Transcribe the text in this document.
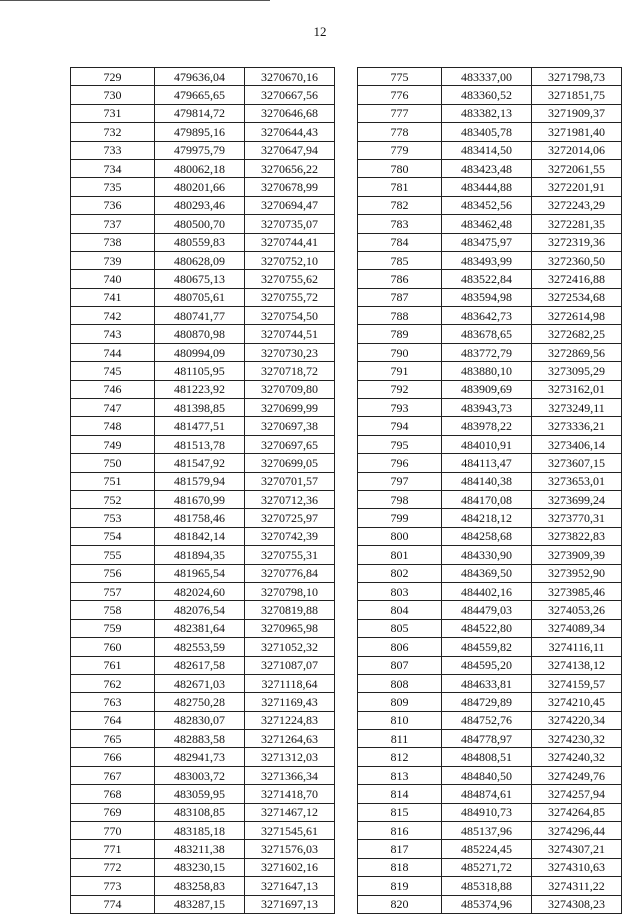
12
729	479636,04	3270670,16
730	479665,65	3270667,56
731	479814,72	3270646,68
732	479895,16	3270644,43
733	479975,79	3270647,94
734	480062,18	3270656,22
735	480201,66	3270678,99
736	480293,46	3270694,47
737	480500,70	3270735,07
738	480559,83	3270744,41
739	480628,09	3270752,10
740	480675,13	3270755,62
741	480705,61	3270755,72
742	480741,77	3270754,50
743	480870,98	3270744,51
744	480994,09	3270730,23
745	481105,95	3270718,72
746	481223,92	3270709,80
747	481398,85	3270699,99
748	481477,51	3270697,38
749	481513,78	3270697,65
750	481547,92	3270699,05
751	481579,94	3270701,57
752	481670,99	3270712,36
753	481758,46	3270725,97
754	481842,14	3270742,39
755	481894,35	3270755,31
756	481965,54	3270776,84
757	482024,60	3270798,10
758	482076,54	3270819,88
759	482381,64	3270965,98
760	482553,59	3271052,32
761	482617,58	3271087,07
762	482671,03	3271118,64
763	482750,28	3271169,43
764	482830,07	3271224,83
765	482883,58	3271264,63
766	482941,73	3271312,03
767	483003,72	3271366,34
768	483059,95	3271418,70
769	483108,85	3271467,12
770	483185,18	3271545,61
771	483211,38	3271576,03
772	483230,15	3271602,16
773	483258,83	3271647,13
774	483287,15	3271697,13
775	483337,00	3271798,73
776	483360,52	3271851,75
777	483382,13	3271909,37
778	483405,78	3271981,40
779	483414,50	3272014,06
780	483423,48	3272061,55
781	483444,88	3272201,91
782	483452,56	3272243,29
783	483462,48	3272281,35
784	483475,97	3272319,36
785	483493,99	3272360,50
786	483522,84	3272416,88
787	483594,98	3272534,68
788	483642,73	3272614,98
789	483678,65	3272682,25
790	483772,79	3272869,56
791	483880,10	3273095,29
792	483909,69	3273162,01
793	483943,73	3273249,11
794	483978,22	3273336,21
795	484010,91	3273406,14
796	484113,47	3273607,15
797	484140,38	3273653,01
798	484170,08	3273699,24
799	484218,12	3273770,31
800	484258,68	3273822,83
801	484330,90	3273909,39
802	484369,50	3273952,90
803	484402,16	3273985,46
804	484479,03	3274053,26
805	484522,80	3274089,34
806	484559,82	3274116,11
807	484595,20	3274138,12
808	484633,81	3274159,57
809	484729,89	3274210,45
810	484752,76	3274220,34
811	484778,97	3274230,32
812	484808,51	3274240,32
813	484840,50	3274249,76
814	484874,61	3274257,94
815	484910,73	3274264,85
816	485137,96	3274296,44
817	485224,45	3274307,21
818	485271,72	3274310,63
819	485318,88	3274311,22
820	485374,96	3274308,23
